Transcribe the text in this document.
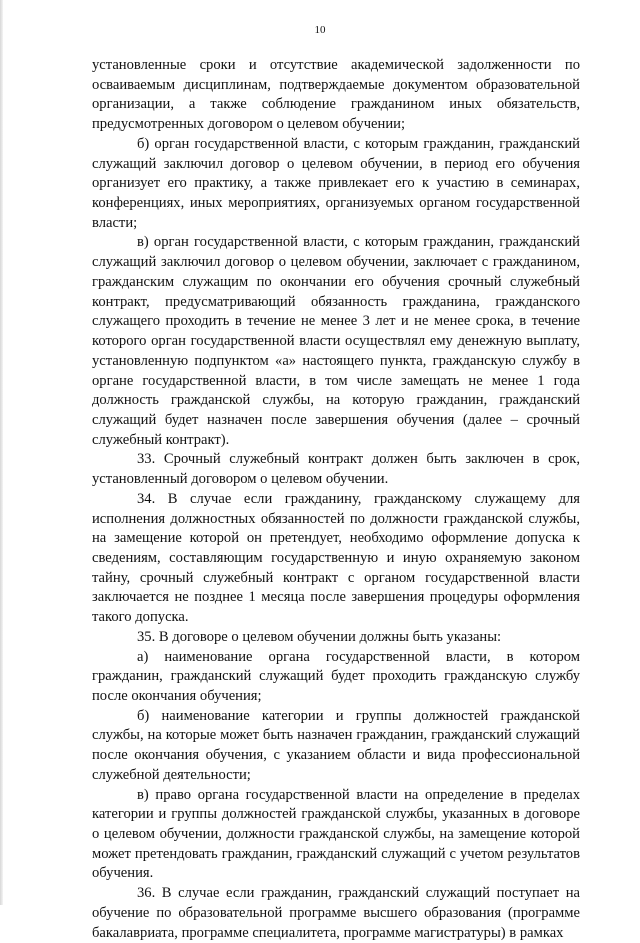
10

установленные сроки и отсутствие академической задолженности по осваиваемым дисциплинам, подтверждаемые документом образовательной организации, а также соблюдение гражданином иных обязательств, предусмотренных договором о целевом обучении;

б) орган государственной власти, с которым гражданин, гражданский служащий заключил договор о целевом обучении, в период его обучения организует его практику, а также привлекает его к участию в семинарах, конференциях, иных мероприятиях, организуемых органом государственной власти;

в) орган государственной власти, с которым гражданин, гражданский служащий заключил договор о целевом обучении, заключает с гражданином, гражданским служащим по окончании его обучения срочный служебный контракт, предусматривающий обязанность гражданина, гражданского служащего проходить в течение не менее 3 лет и не менее срока, в течение которого орган государственной власти осуществлял ему денежную выплату, установленную подпунктом «а» настоящего пункта, гражданскую службу в органе государственной власти, в том числе замещать не менее 1 года должность гражданской службы, на которую гражданин, гражданский служащий будет назначен после завершения обучения (далее – срочный служебный контракт).

33. Срочный служебный контракт должен быть заключен в срок, установленный договором о целевом обучении.

34. В случае если гражданину, гражданскому служащему для исполнения должностных обязанностей по должности гражданской службы, на замещение которой он претендует, необходимо оформление допуска к сведениям, составляющим государственную и иную охраняемую законом тайну, срочный служебный контракт с органом государственной власти заключается не позднее 1 месяца после завершения процедуры оформления такого допуска.

35. В договоре о целевом обучении должны быть указаны:

а) наименование органа государственной власти, в котором гражданин, гражданский служащий будет проходить гражданскую службу после окончания обучения;

б) наименование категории и группы должностей гражданской службы, на которые может быть назначен гражданин, гражданский служащий после окончания обучения, с указанием области и вида профессиональной служебной деятельности;

в) право органа государственной власти на определение в пределах категории и группы должностей гражданской службы, указанных в договоре о целевом обучении, должности гражданской службы, на замещение которой может претендовать гражданин, гражданский служащий с учетом результатов обучения.

36. В случае если гражданин, гражданский служащий поступает на обучение по образовательной программе высшего образования (программе бакалавриата, программе специалитета, программе магистратуры) в рамках
